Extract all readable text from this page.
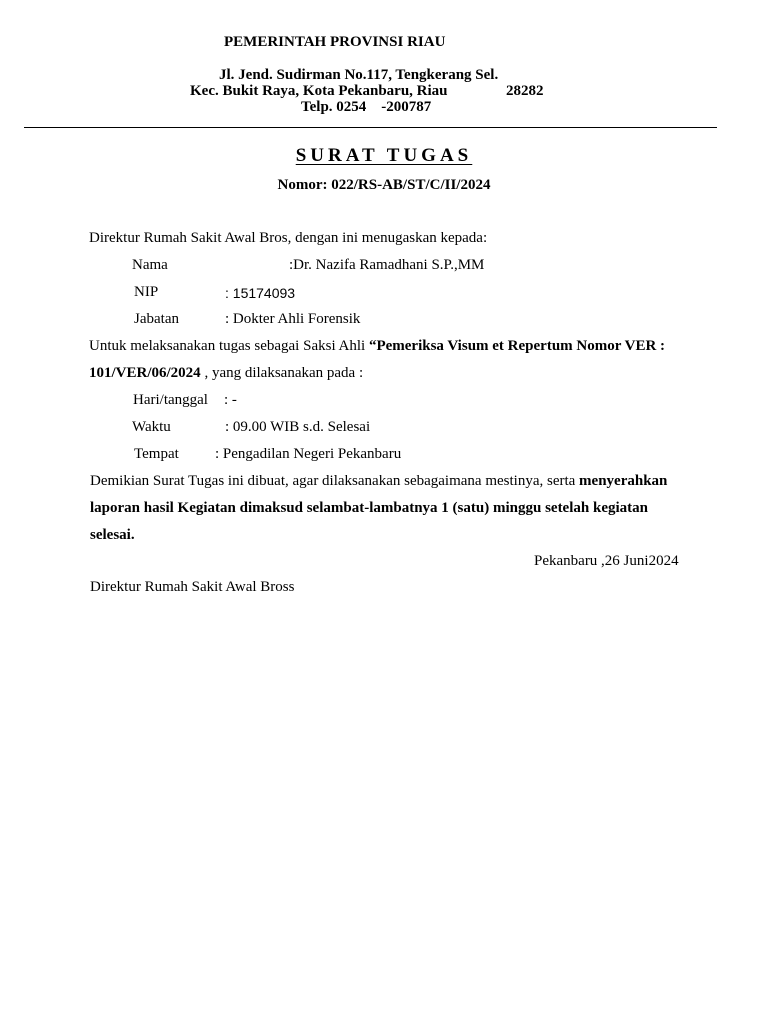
PEMERINTAH PROVINSI RIAU
Jl. Jend. Sudirman No.117, Tengkerang Sel.
Kec. Bukit Raya, Kota Pekanbaru, Riau	28282
Telp. 0254    -200787
SURAT TUGAS
Nomor: 022/RS-AB/ST/C/II/2024
Direktur Rumah Sakit Awal Bros, dengan ini menugaskan kepada:
Nama	:Dr. Nazifa Ramadhani S.P.,MM
NIP	: 15174093
Jabatan	: Dokter Ahli Forensik
Untuk melaksanakan tugas sebagai Saksi Ahli “Pemeriksa Visum et Repertum Nomor VER :
101/VER/06/2024 , yang dilaksanakan pada :
Hari/tanggal : -
Waktu	: 09.00 WIB s.d. Selesai
Tempat : Pengadilan Negeri Pekanbaru
Demikian Surat Tugas ini dibuat, agar dilaksanakan sebagaimana mestinya, serta menyerahkan
laporan hasil Kegiatan dimaksud selambat-lambatnya 1 (satu) minggu setelah kegiatan
selesai.
Pekanbaru ,26 Juni2024
Direktur Rumah Sakit Awal Bross
